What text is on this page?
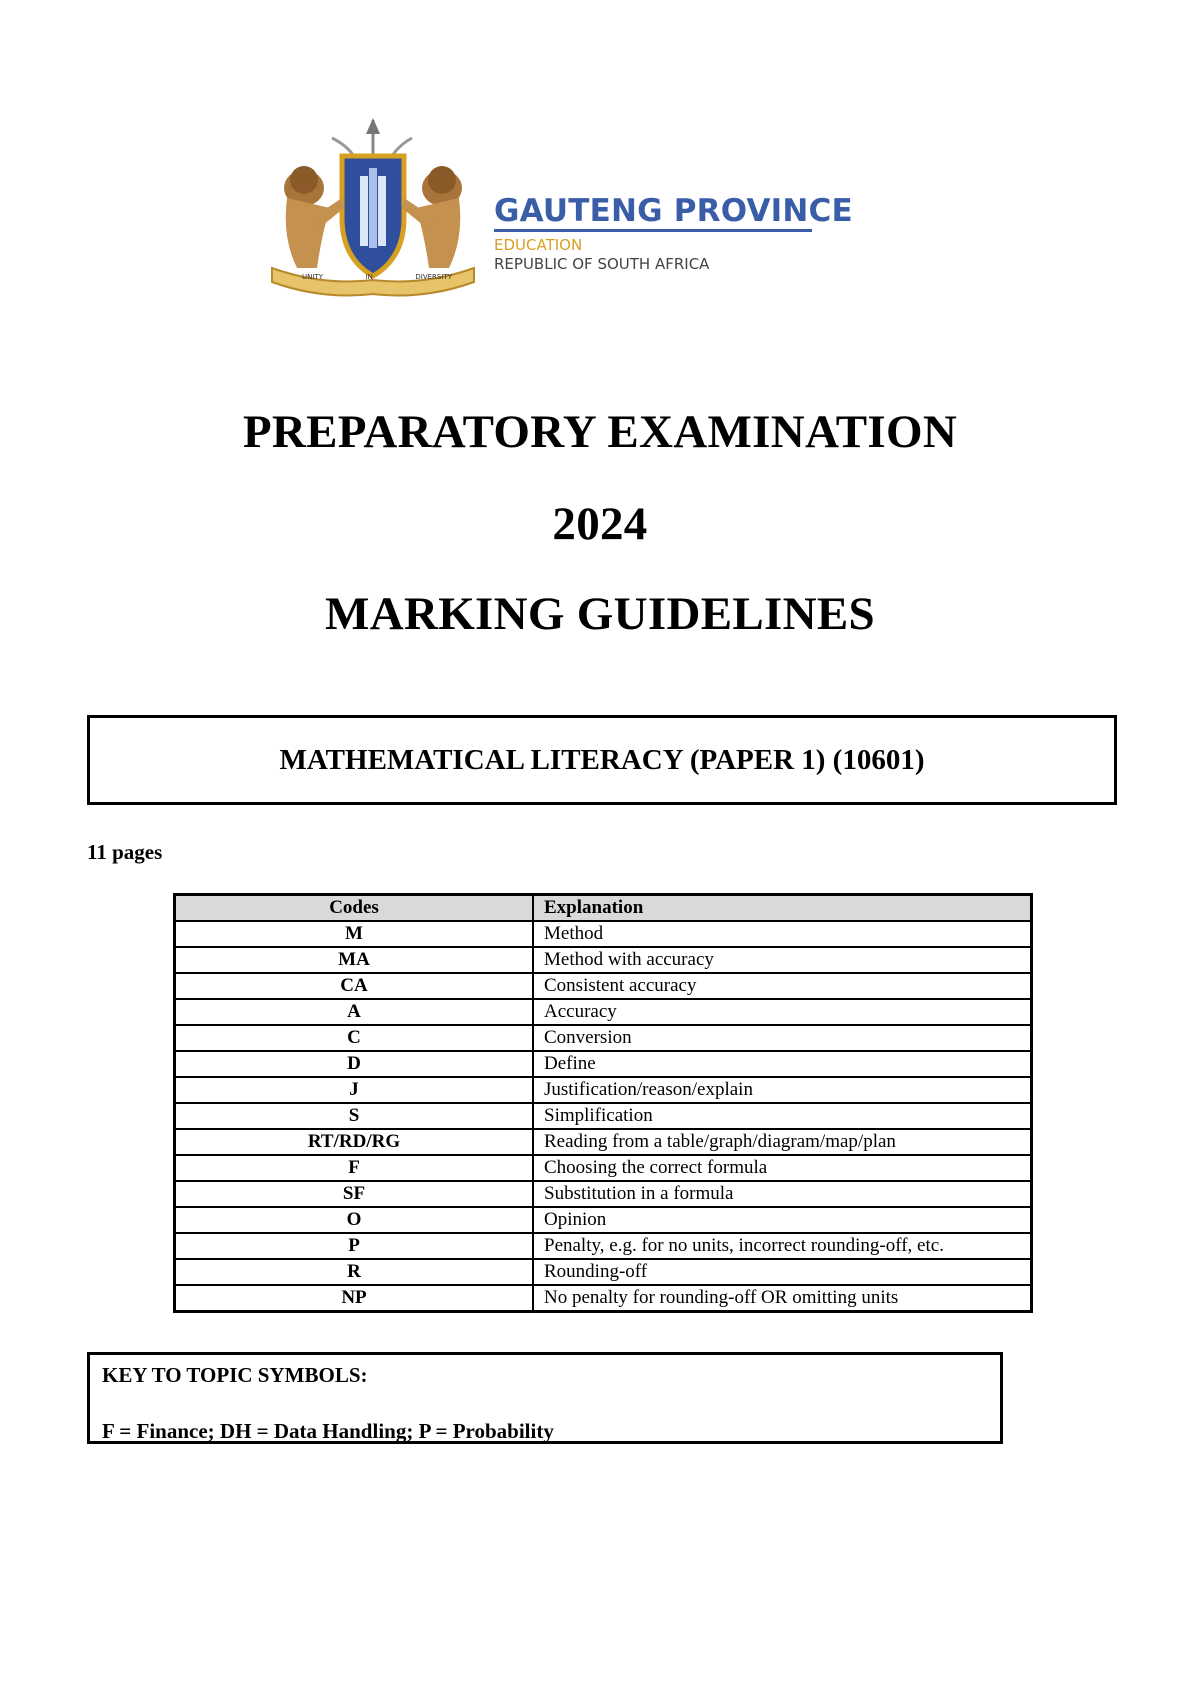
UNITY	IN	DIVERSITY
GAUTENG PROVINCE
EDUCATION
REPUBLIC OF SOUTH AFRICA
PREPARATORY EXAMINATION
2024
MARKING GUIDELINES
MATHEMATICAL LITERACY (PAPER 1) (10601)
11 pages
Codes	Explanation
M	Method
MA	Method with accuracy
CA	Consistent accuracy
A	Accuracy
C	Conversion
D	Define
J	Justification/reason/explain
S	Simplification
RT/RD/RG	Reading from a table/graph/diagram/map/plan
F	Choosing the correct formula
SF	Substitution in a formula
O	Opinion
P	Penalty, e.g. for no units, incorrect rounding-off, etc.
R	Rounding-off
NP	No penalty for rounding-off OR omitting units
KEY TO TOPIC SYMBOLS:
F = Finance; DH = Data Handling; P = Probability
